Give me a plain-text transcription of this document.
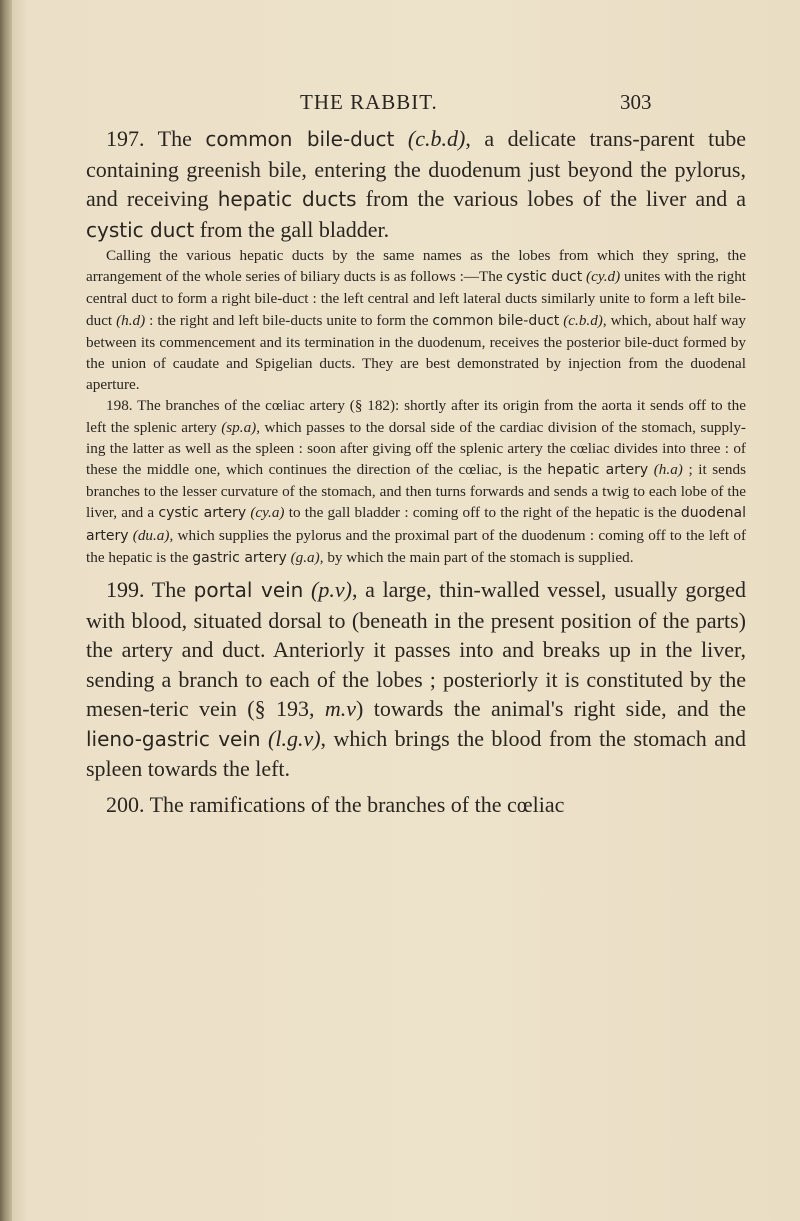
THE RABBIT.	303

197. The common bile-duct (c.b.d), a delicate trans-parent tube containing greenish bile, entering the duodenum just beyond the pylorus, and receiving hepatic ducts from the various lobes of the liver and a cystic duct from the gall bladder.

Calling the various hepatic ducts by the same names as the lobes from which they spring, the arrangement of the whole series of biliary ducts is as follows :—The cystic duct (cy.d) unites with the right central duct to form a right bile-duct : the left central and left lateral ducts similarly unite to form a left bile-duct (h.d) : the right and left bile-ducts unite to form the common bile-duct (c.b.d), which, about half way between its commencement and its termination in the duodenum, receives the posterior bile-duct formed by the union of caudate and Spigelian ducts. They are best demonstrated by injection from the duodenal aperture.

198. The branches of the cœliac artery (§ 182): shortly after its origin from the aorta it sends off to the left the splenic artery (sp.a), which passes to the dorsal side of the cardiac division of the stomach, supply-ing the latter as well as the spleen : soon after giving off the splenic artery the cœliac divides into three : of these the middle one, which continues the direction of the cœliac, is the hepatic artery (h.a) ; it sends branches to the lesser curvature of the stomach, and then turns forwards and sends a twig to each lobe of the liver, and a cystic artery (cy.a) to the gall bladder : coming off to the right of the hepatic is the duodenal artery (du.a), which supplies the pylorus and the proximal part of the duodenum : coming off to the left of the hepatic is the gastric artery (g.a), by which the main part of the stomach is supplied.

199. The portal vein (p.v), a large, thin-walled vessel, usually gorged with blood, situated dorsal to (beneath in the present position of the parts) the artery and duct. Anteriorly it passes into and breaks up in the liver, sending a branch to each of the lobes ; posteriorly it is constituted by the mesen-teric vein (§ 193, m.v) towards the animal's right side, and the lieno-gastric vein (l.g.v), which brings the blood from the stomach and spleen towards the left.

200. The ramifications of the branches of the cœliac
